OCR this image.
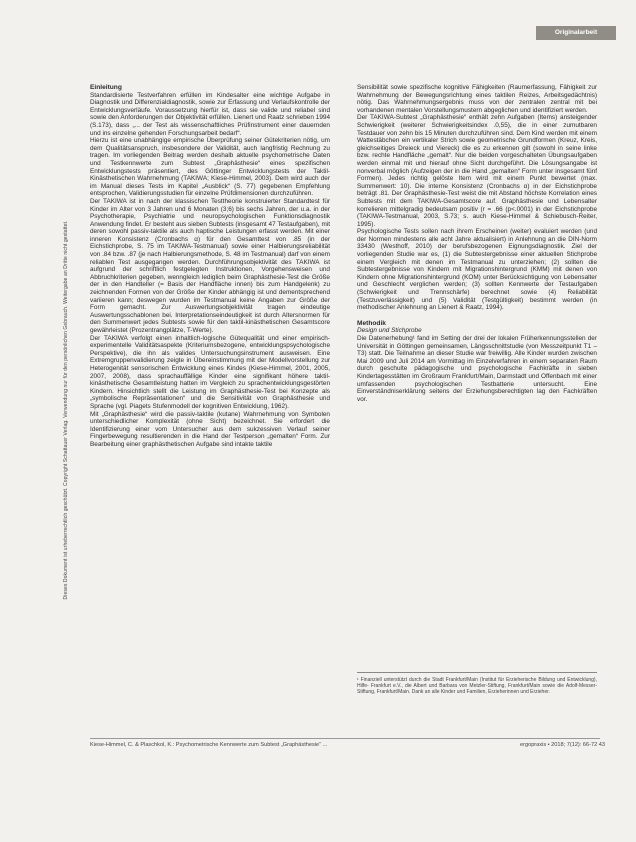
Originalarbeit
Dieses Dokument ist urheberrechtlich geschützt. Copyright Schattauer Verlag. Verwendung nur für den persönlichen Gebrauch. Weitergabe an Dritte nicht gestattet.
Einleitung

Standardisierte Testverfahren erfüllen im Kindesalter eine wichtige Aufgabe in Diagnostik und Differenzialdiagnostik, sowie zur Erfassung und Verlaufskontrolle der Entwicklungsverläufe. Voraussetzung hierfür ist, dass sie valide und reliabel sind sowie den Anforderungen der Objektivität erfüllen. Lienert und Raatz schrieben 1994 (S.173), dass „... der Test als wissenschaftliches Prüfinstrument einer dauernden und ins einzelne gehenden Forschungsarbeit bedarf“.

Hierzu ist eine unabhängige empirische Überprüfung seiner Gütekriterien nötig, um dem Qualitätsanspruch, insbesondere der Validität, auch langfristig Rechnung zu tragen. Im vorliegenden Beitrag werden deshalb aktuelle psychometrische Daten und Testkennwerte zum Subtest „Graphästhesie“ eines spezifischen Entwicklungstests präsentiert, des Göttinger Entwicklungstests der Taktil-Kinästhetischen Wahrnehmung (TAKIWA; Kiese-Himmel, 2003). Dem wird auch der im Manual dieses Tests im Kapitel „Ausblick“ (S. 77) gegebenen Empfehlung entsprochen, Validierungsstudien für einzelne Prüfdimensionen durchzuführen.

Der TAKIWA ist in nach der klassischen Testtheorie konstruierter Standardtest für Kinder im Alter von 3 Jahren und 6 Monaten (3;6) bis sechs Jahren, der u.a. in der Psychotherapie, Psychiatrie und neuropsychologischen Funktionsdiagnostik Anwendung findet. Er besteht aus sieben Subtests (insgesamt 47 Testaufgaben), mit deren sowohl passiv-taktile als auch haptische Leistungen erfasst werden. Mit einer inneren Konsistenz (Cronbachs α) für den Gesamttest von .85 (in der Eichstichprobe, S. 75 im TAKIWA-Testmanual) sowie einer Halbierungsreliabilität von .84 bzw. .87 (je nach Halbierungsmethode, S. 48 im Testmanual) darf von einem reliablen Test ausgegangen werden. Durchführungsobjektivität des TAKIWA ist aufgrund der schriftlich festgelegten Instruktionen, Vorgehensweisen und Abbruchkriterien gegeben, wenngleich lediglich beim Graphästhesie-Test die Größe der in den Handteller (= Basis der Handfläche innen) bis zum Handgelenk) zu zeichnenden Formen von der Größe der Kinder abhängig ist und dementsprechend variieren kann; deswegen wurden im Testmanual keine Angaben zur Größe der Form gemacht. Zur Auswertungsobjektivität tragen eindeutige Auswertungsschablonen bei. Interpretationseindeutigkeit ist durch Altersnormen für den Summenwert jedes Subtests sowie für den taktil-kinästhetischen Gesamtscore gewährleistet (Prozentrangplätze, T-Werte).

Der TAKIWA verfolgt einen inhaltlich-logische Gütequalität und einer empirisch-experimentelle Validitätsaspekte (Kriteriumsbezogene, entwicklungspsychologische Perspektive), die ihn als valides Untersuchungsinstrument ausweisen. Eine Extremgruppenvalidierung zeigte in Übereinstimmung mit der Modellvorstellung zur Heterogenität sensorischen Entwicklung eines Kindes (Kiese-Himmel, 2001, 2005, 2007, 2008), dass sprachauffällige Kinder eine signifikant höhere taktil-kinästhetische Gesamtleistung hatten im Vergleich zu sprachentwicklungsgestörten Kindern. Hinsichtlich stellt die Leistung im Graphästhesie-Test bei Konzepte als „symbolische Repräsentationen“ und die Sensitivität von Graphästhesie und Sprache (vgl. Piagets Stufenmodell der kognitiven Entwicklung, 1962).

Mit „Graphästhesie“ wird die passiv-taktile (kutane) Wahrnehmung von Symbolen unterschiedlicher Komplexität (ohne Sicht) bezeichnet. Sie erfordert die Identifizierung einer vom Untersucher aus dem sukzessiven Verlauf seiner Fingerbewegung resultierenden in die Hand der Testperson „gemalten“ Form. Zur Bearbeitung einer graphästhetischen Aufgabe sind intakte taktile

Sensibilität sowie spezifische kognitive Fähigkeiten (Raumerfassung, Fähigkeit zur Wahrnehmung der Bewegungsrichtung eines taktilen Reizes, Arbeitsgedächtnis) nötig. Das Wahrnehmungsergebnis muss von der zentralen zentral mit bei vorhandenen mentalen Vorstellungsmustern abgeglichen und identifiziert werden.

Der TAKIWA-Subtest „Graphästhesie“ enthält zehn Aufgaben (Items) ansteigender Schwierigkeit (weiterer Schwierigkeitsindex .0,55), die in einer zumutbaren Testdauer von zehn bis 15 Minuten durchzuführen sind. Dem Kind werden mit einem Wattestäbchen ein vertikaler Strich sowie geometrische Grundformen (Kreuz, Kreis, gleichseitiges Dreieck und Viereck) die es zu erkennen gilt (sowohl in seine linke bzw. rechte Handfläche „gemalt“. Nur die beiden vorgeschalteten Übungsaufgaben werden einmal mit und hierauf ohne Sicht durchgeführt. Die Lösungsangabe ist nonverbal möglich (Aufzeigen der in die Hand „gemalten“ Form unter insgesamt fünf Formen). Jedes richtig gelöste Item wird mit einem Punkt bewertet (max. Summenwert: 10). Die interne Konsistenz (Cronbachs α) in der Eichstichprobe beträgt .81. Der Graphästhesie-Test weist die mit Abstand höchste Korrelation eines Subtests mit dem TAKIWA-Gesamtscore auf. Graphästhesie und Lebensalter korrelieren mittelgradig bedeutsam positiv (r = .66 (p<.0001) in der Eichstichprobe (TAKIWA-Testmanual, 2003, S.73; s. auch Kiese-Himmel & Schiebusch-Reiter, 1995).

Psychologische Tests sollen nach ihrem Erscheinen (weiter) evaluiert werden (und der Normen mindestens alle acht Jahre aktualisiert) in Anlehnung an die DIN-Norm 33430 (Westhoff, 2010) der berufsbezogenen Eignungsdiagnostik. Ziel der vorliegenden Studie war es, (1) die Subtestergebnisse einer aktuellen Stichprobe einem Vergleich mit denen im Testmanual zu unterziehen; (2) sollten die Subtestergebnisse von Kindern mit Migrationshintergrund (KMM) mit denen von Kindern ohne Migrationshintergrund (KOM) unter Berücksichtigung von Lebensalter und Geschlecht verglichen werden; (3) sollten Kennwerte der Testaufgaben (Schwierigkeit und Trennschärfe) berechnet sowie (4) Reliabilität (Testzuverlässigkeit) und (5) Validität (Testgültigkeit) bestimmt werden (in methodischer Anlehnung an Lienert & Raatz, 1994).

Methodik
Design und Stichprobe

Die Datenerhebung¹ fand im Setting der drei der lokalen Früherkennungsstellen der Universität in Göttingen gemeinsamen, Längsschnittstudie (von Messzeitpunkt T1 – T3) statt. Die Teilnahme an dieser Studie war freiwillig. Alle Kinder wurden zwischen Mai 2009 und Juli 2014 am Vormittag im Einzelverfahren in einem separaten Raum durch geschulte pädagogische und psychologische Fachkräfte in sieben Kindertagesstätten im Großraum Frankfurt/Main, Darmstadt und Offenbach mit einer umfassenden psychologischen Testbatterie untersucht. Eine Einverständniserklärung seitens der Erziehungsberechtigten lag den Fachkräften vor.

¹ Finanziell unterstützt durch die Stadt Frankfurt/Main (Institut für Erzieherische Bildung und Entwicklung), Hilfe- Frankfurt e.V., die Albert und Barbara von Metzler-Stiftung, Frankfurt/Main sowie die Adolf-Messer-Stiftung, Frankfurt/Main. Dank an alle Kinder und Familien, Erzieherinnen und Erzieher.
Kiese-Himmel, C. & Plaschkol, K.: Psychometrische Kennwerte zum Subtest „Graphästhesie“ ...	ergopraxis • 2018; 7(12): 66-72 43
